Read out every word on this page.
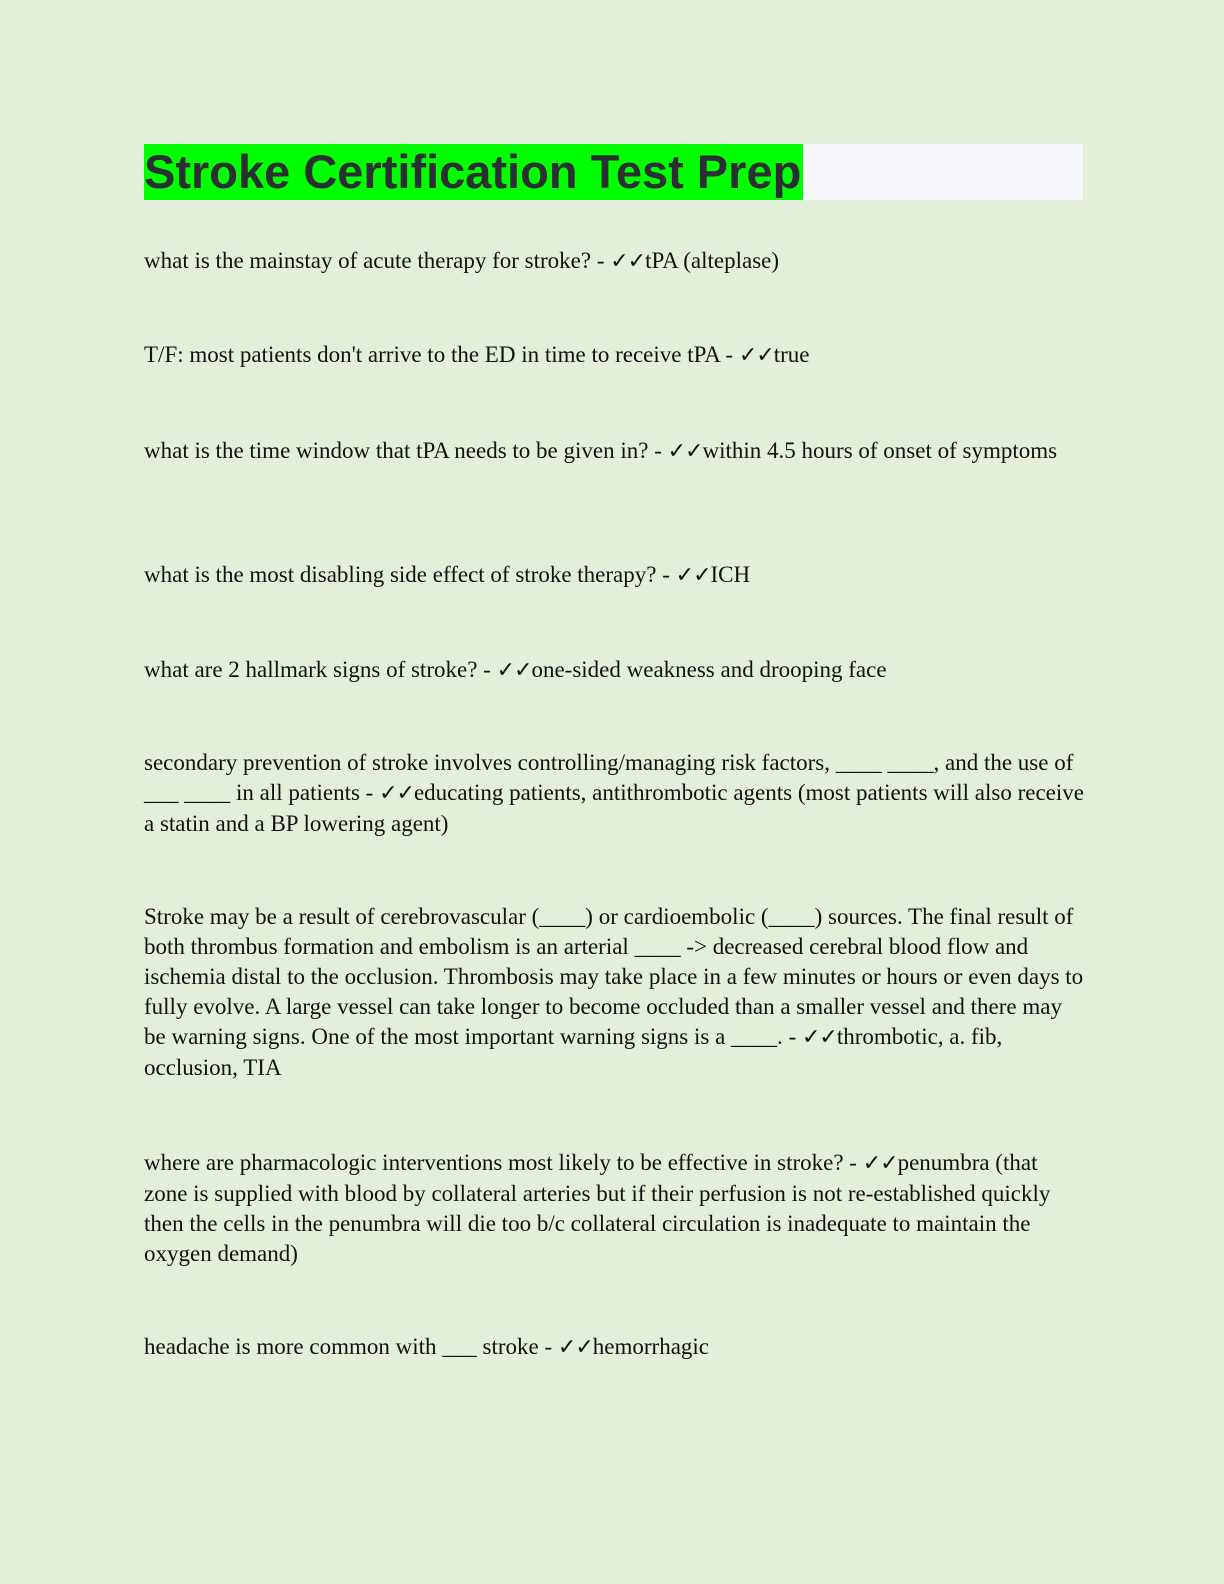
Stroke Certification Test Prep

what is the mainstay of acute therapy for stroke? - ✓✓tPA (alteplase)

T/F: most patients don't arrive to the ED in time to receive tPA - ✓✓true

what is the time window that tPA needs to be given in? - ✓✓within 4.5 hours of onset of symptoms

what is the most disabling side effect of stroke therapy? - ✓✓ICH

what are 2 hallmark signs of stroke? - ✓✓one-sided weakness and drooping face

secondary prevention of stroke involves controlling/managing risk factors, ____ ____, and the use of ___ ____ in all patients - ✓✓educating patients, antithrombotic agents (most patients will also receive a statin and a BP lowering agent)

Stroke may be a result of cerebrovascular (____) or cardioembolic (____) sources. The final result of both thrombus formation and embolism is an arterial ____ -> decreased cerebral blood flow and ischemia distal to the occlusion. Thrombosis may take place in a few minutes or hours or even days to fully evolve. A large vessel can take longer to become occluded than a smaller vessel and there may be warning signs. One of the most important warning signs is a ____. - ✓✓thrombotic, a. fib, occlusion, TIA

where are pharmacologic interventions most likely to be effective in stroke? - ✓✓penumbra (that zone is supplied with blood by collateral arteries but if their perfusion is not re-established quickly then the cells in the penumbra will die too b/c collateral circulation is inadequate to maintain the oxygen demand)

headache is more common with ___ stroke - ✓✓hemorrhagic
